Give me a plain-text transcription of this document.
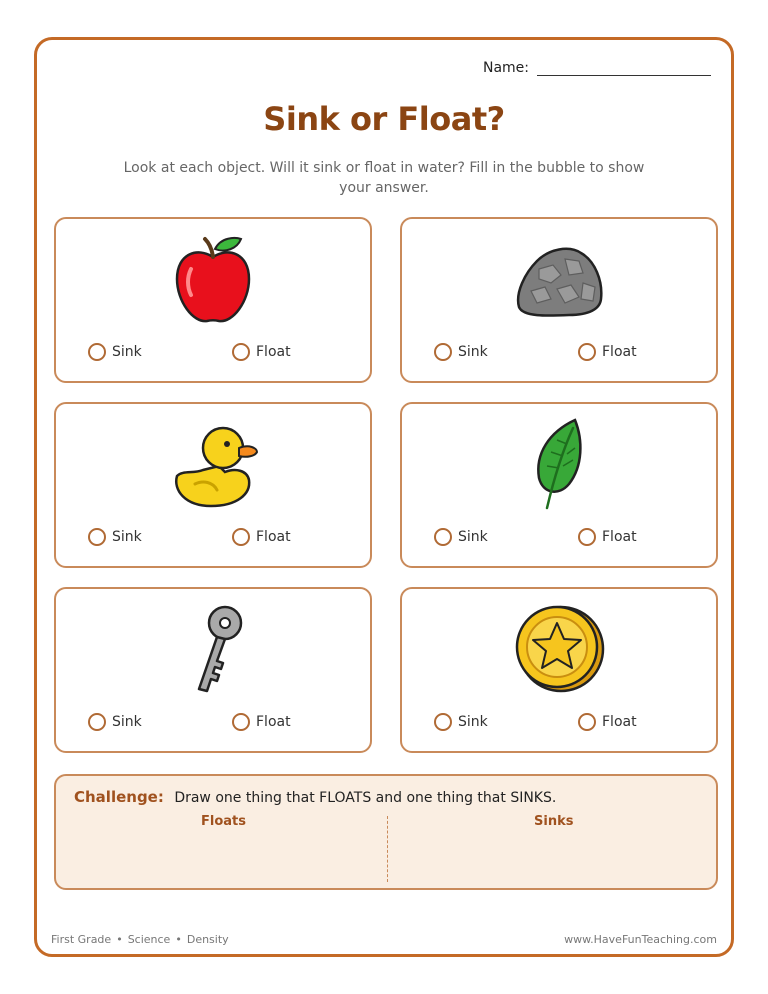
Name:
Sink or Float?
Look at each object. Will it sink or float in water? Fill in the bubble to show your answer.
Sink	Float	Sink	Float
Sink	Float	Sink	Float
Sink	Float	Sink	Float
Challenge: Draw one thing that FLOATS and one thing that SINKS.
Floats	Sinks
First Grade • Science • Density	www.HaveFunTeaching.com
